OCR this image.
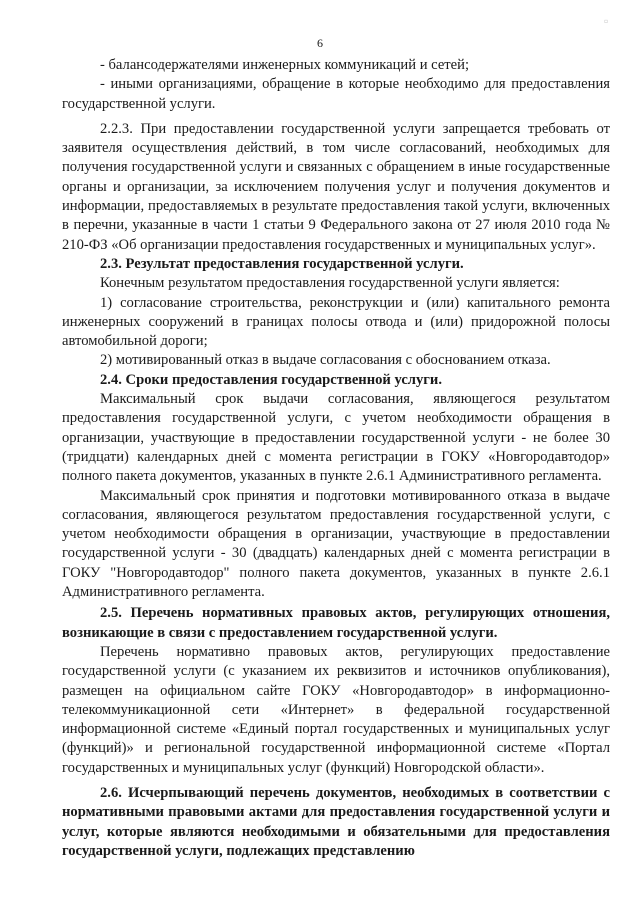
▫
6

- балансодержателями инженерных коммуникаций и сетей;

- иными организациями, обращение в которые необходимо для предоставления государственной услуги.

2.2.3. При предоставлении государственной услуги запрещается требовать от заявителя осуществления действий, в том числе согласований, необходимых для получения государственной услуги и связанных с обращением в иные государственные органы и организации, за исключением получения услуг и получения документов и информации, предоставляемых в результате предоставления такой услуги, включенных в перечни, указанные в части 1 статьи 9 Федерального закона от 27 июля 2010 года № 210-ФЗ «Об организации предоставления государственных и муниципальных услуг».

2.3. Результат предоставления государственной услуги.

Конечным результатом предоставления государственной услуги является:

1) согласование строительства, реконструкции и (или) капитального ремонта инженерных сооружений в границах полосы отвода и (или) придорожной полосы автомобильной дороги;

2) мотивированный отказ в выдаче согласования с обоснованием отказа.

2.4. Сроки предоставления государственной услуги.

Максимальный срок выдачи согласования, являющегося результатом предоставления государственной услуги, с учетом необходимости обращения в организации, участвующие в предоставлении государственной услуги - не более 30 (тридцати) календарных дней с момента регистрации в ГОКУ «Новгородавтодор» полного пакета документов, указанных в пункте 2.6.1 Административного регламента.

Максимальный срок принятия и подготовки мотивированного отказа в выдаче согласования, являющегося результатом предоставления государственной услуги, с учетом необходимости обращения в организации, участвующие в предоставлении государственной услуги - 30 (двадцать) календарных дней с момента регистрации в ГОКУ "Новгородавтодор" полного пакета документов, указанных в пункте 2.6.1 Административного регламента.

2.5. Перечень нормативных правовых актов, регулирующих отношения, возникающие в связи с предоставлением государственной услуги.

Перечень нормативно правовых актов, регулирующих предоставление государственной услуги (с указанием их реквизитов и источников опубликования), размещен на официальном сайте ГОКУ «Новгородавтодор» в информационно-телекоммуникационной сети «Интернет» в федеральной государственной информационной системе «Единый портал государственных и муниципальных услуг (функций)» и региональной государственной информационной системе «Портал государственных и муниципальных услуг (функций) Новгородской области».

2.6. Исчерпывающий перечень документов, необходимых в соответствии с нормативными правовыми актами для предоставления государственной услуги и услуг, которые являются необходимыми и обязательными для предоставления государственной услуги, подлежащих представлению
